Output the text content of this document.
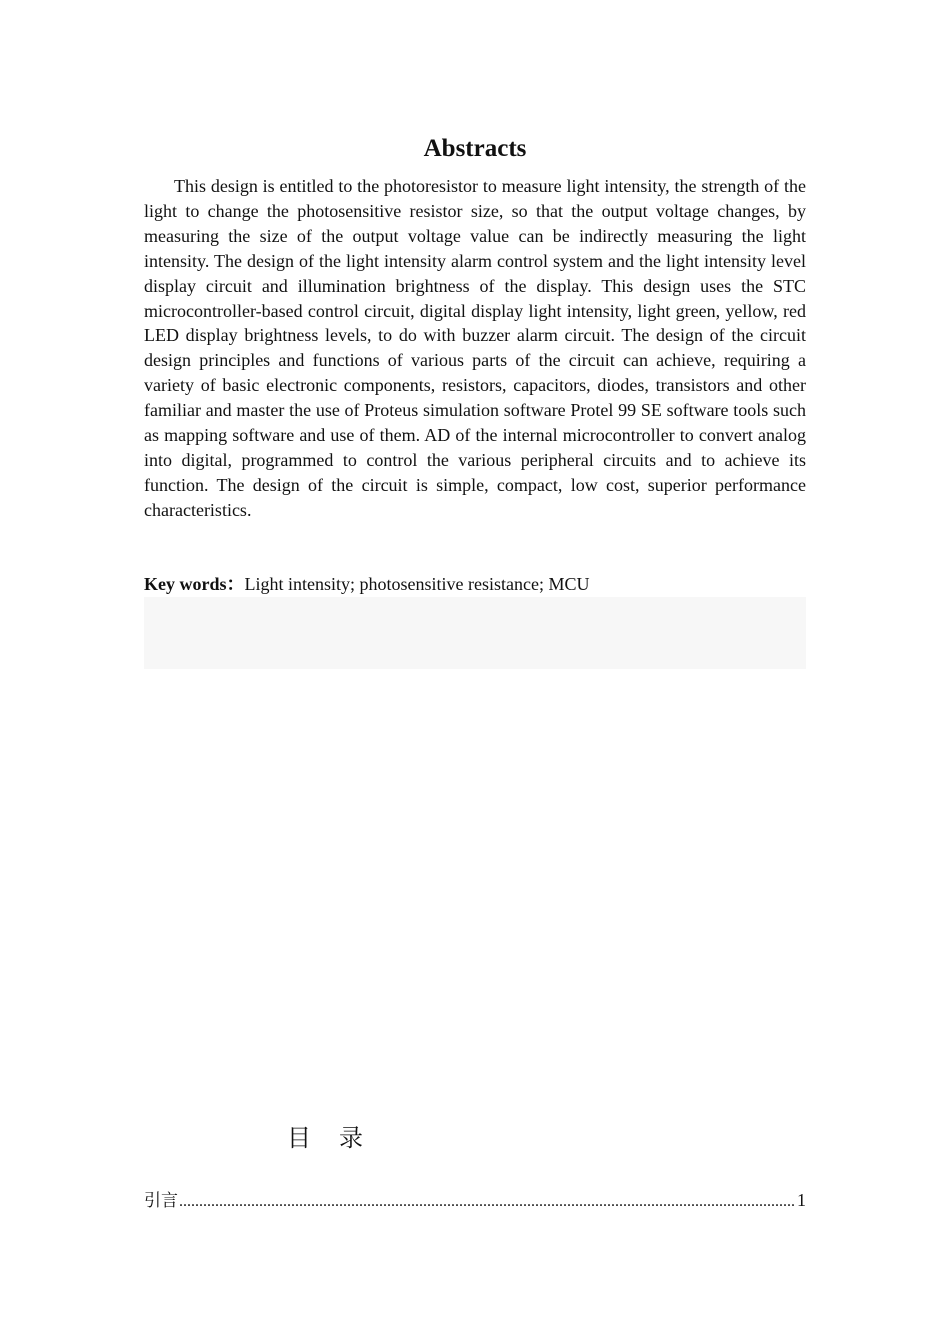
Abstracts

This design is entitled to the photoresistor to measure light intensity, the strength of the light to change the photosensitive resistor size, so that the output voltage changes, by measuring the size of the output voltage value can be indirectly measuring the light intensity. The design of the light intensity alarm control system and the light intensity level display circuit and illumination brightness of the display. This design uses the STC microcontroller-based control circuit, digital display light intensity, light green, yellow, red LED display brightness levels, to do with buzzer alarm circuit. The design of the circuit design principles and functions of various parts of the circuit can achieve, requiring a variety of basic electronic components, resistors, capacitors, diodes, transistors and other familiar and master the use of Proteus simulation software Protel 99 SE software tools such as mapping software and use of them. AD of the internal microcontroller to convert analog into digital, programmed to control the various peripheral circuits and to achieve its function. The design of the circuit is simple, compact, low cost, superior performance characteristics.

Key words：Light intensity; photosensitive resistance; MCU
目录
引言
.....	1
